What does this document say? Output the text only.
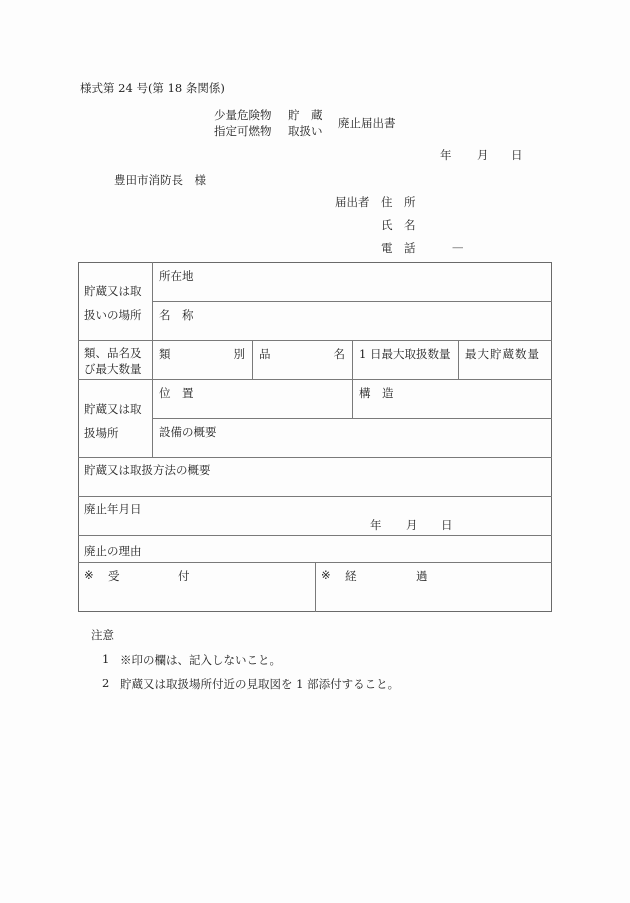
様式第 24 号(第 18 条関係)
少量危険物 貯　蔵
指定可燃物 取扱い
廃止届出書
年 月 日
豊田市消防長　様
届出者 住　所
氏　名
電　話	—
貯蔵又は取
扱いの場所
所在地
名　称
類、品名及
び最大数量
類	別 品	名 1 日最大取扱数量 最大貯蔵数量
貯蔵又は取
扱場所
位　置	構　造
設備の概要
貯蔵又は取扱方法の概要
廃止年月日
年 月 日
廃止の理由
※ 受	付	※ 経	過
注意
1 ※印の欄は、記入しないこと。
2 貯蔵又は取扱場所付近の見取図を 1 部添付すること。
